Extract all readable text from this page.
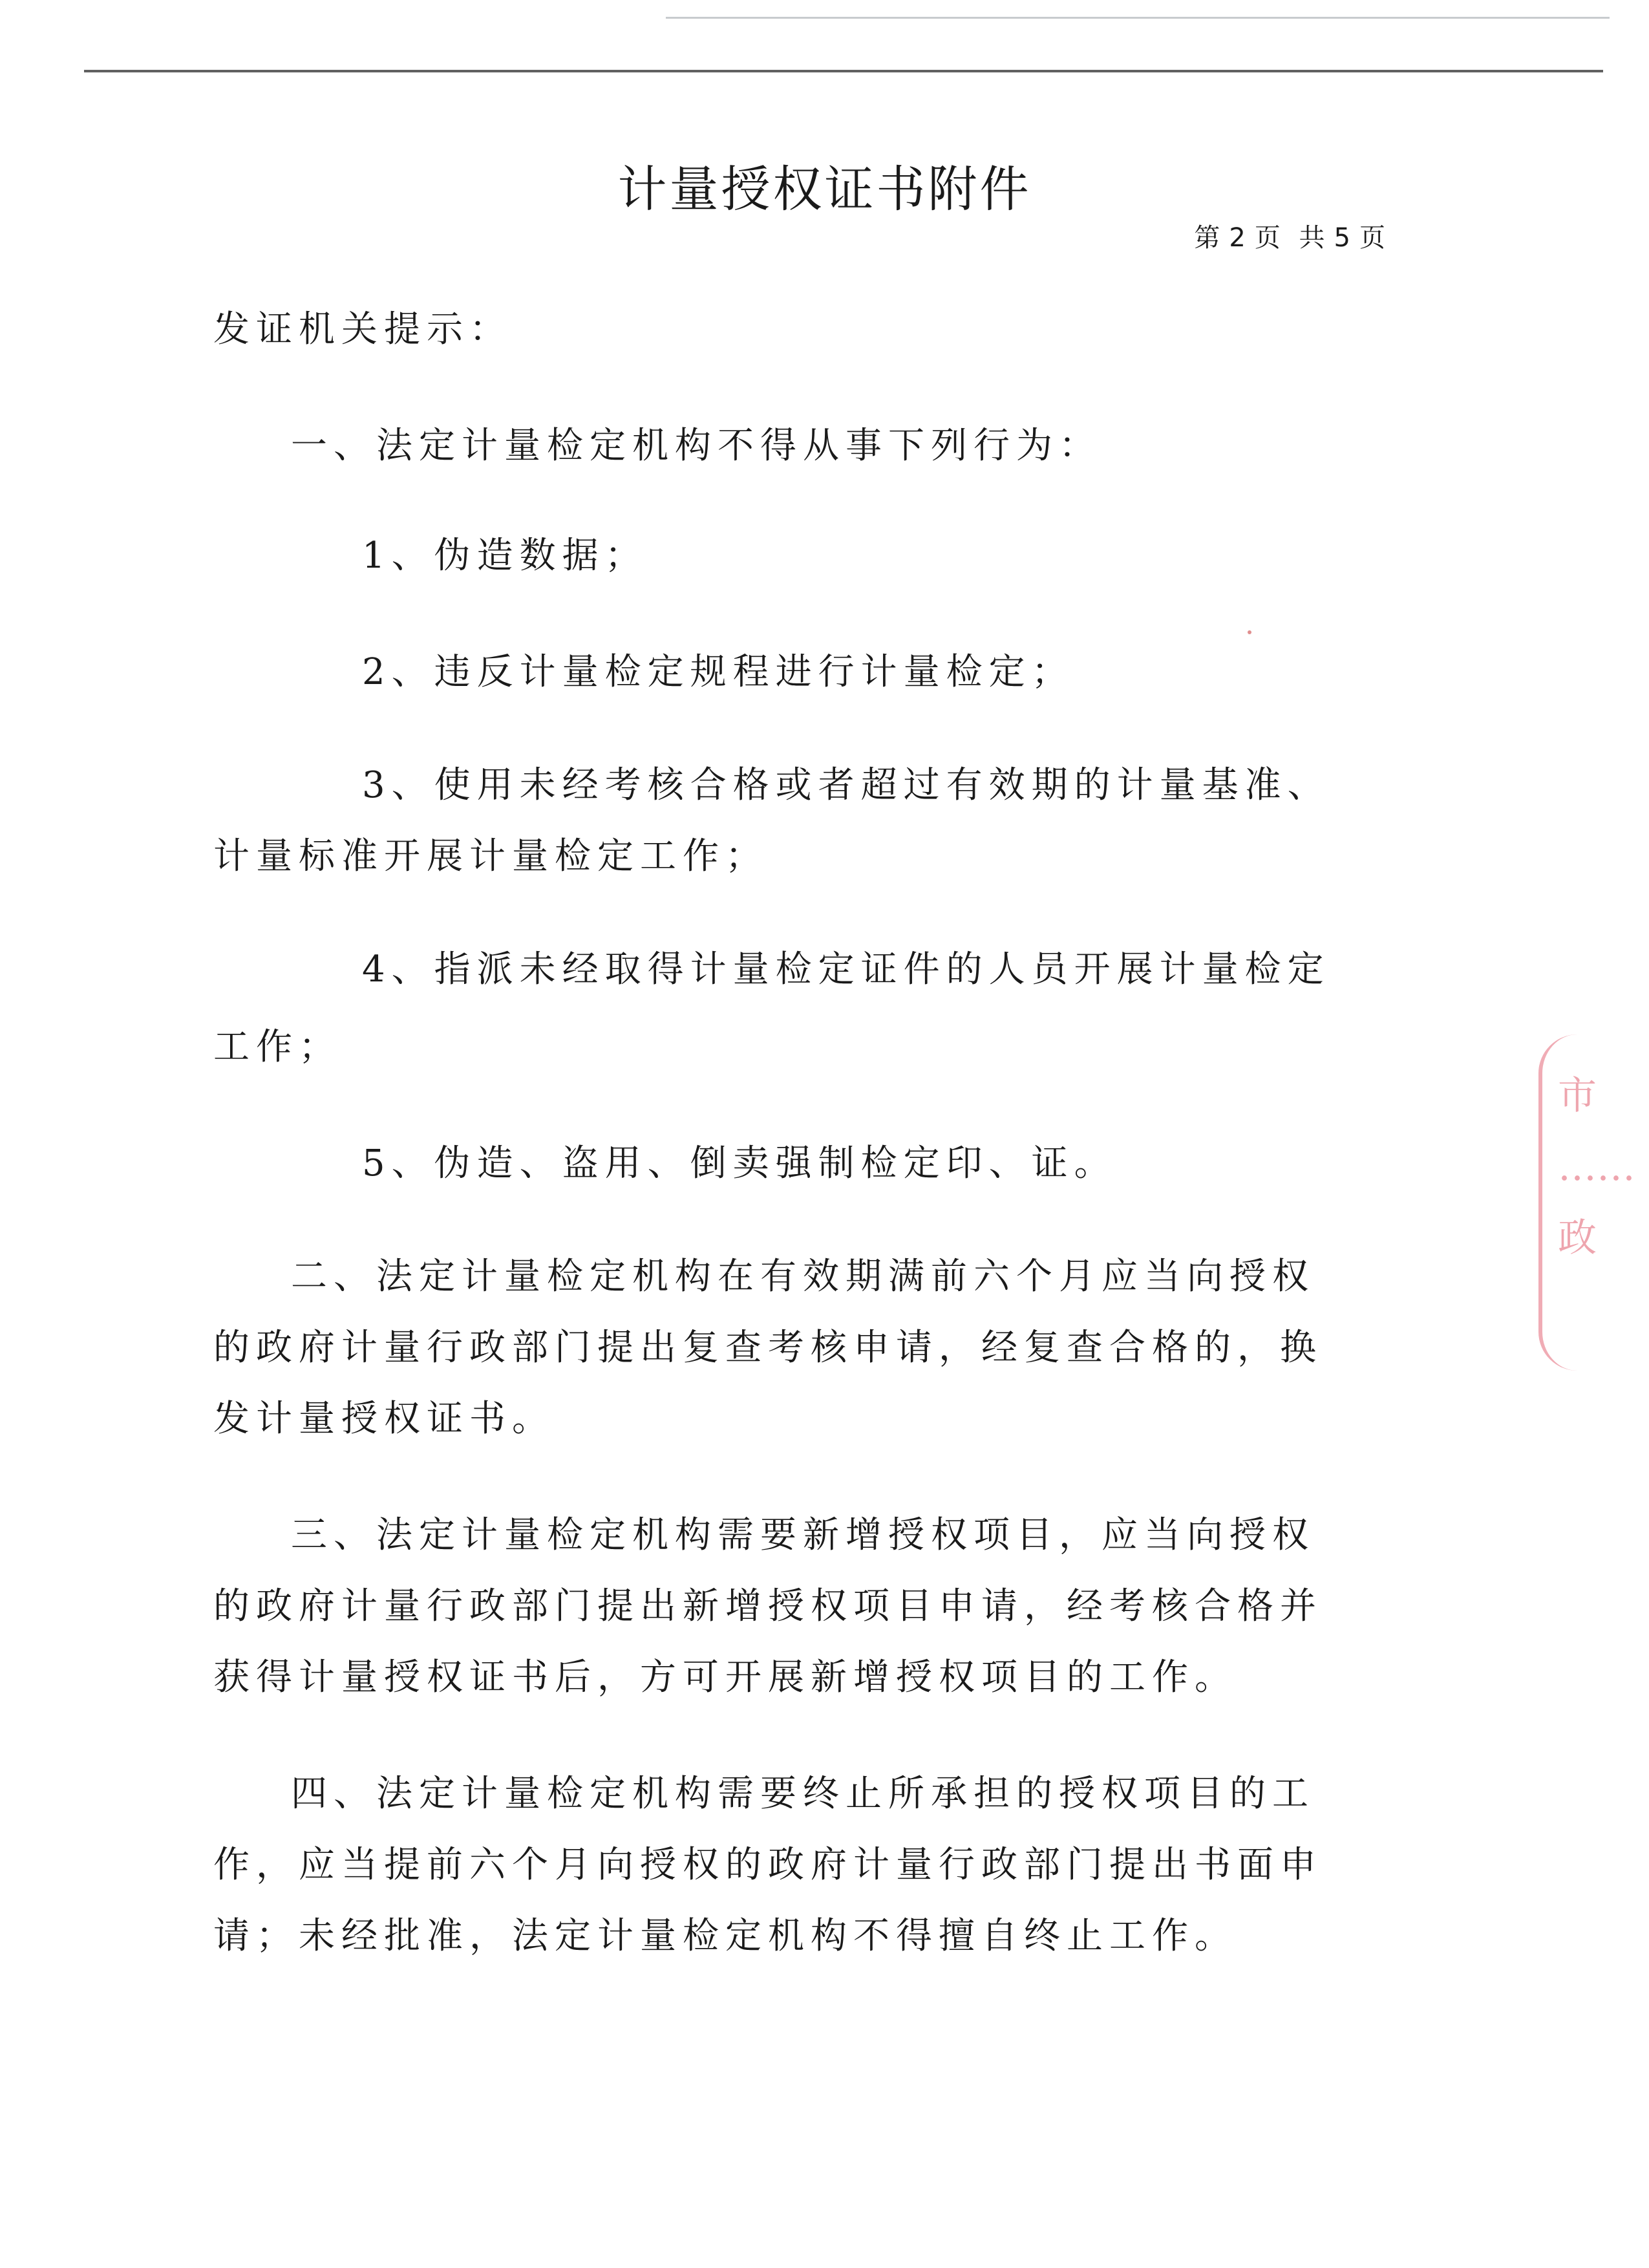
计量授权证书附件
第 2 页 共 5 页

发证机关提示：

一、法定计量检定机构不得从事下列行为：

1、伪造数据；

2、违反计量检定规程进行计量检定；

3、使用未经考核合格或者超过有效期的计量基准、计量标准开展计量检定工作；

4、指派未经取得计量检定证件的人员开展计量检定工作；

5、伪造、盗用、倒卖强制检定印、证。

二、法定计量检定机构在有效期满前六个月应当向授权的政府计量行政部门提出复查考核申请，经复查合格的，换发计量授权证书。

三、法定计量检定机构需要新增授权项目，应当向授权的政府计量行政部门提出新增授权项目申请，经考核合格并获得计量授权证书后，方可开展新增授权项目的工作。

四、法定计量检定机构需要终止所承担的授权项目的工作，应当提前六个月向授权的政府计量行政部门提出书面申请；未经批准，法定计量检定机构不得擅自终止工作。

市 …… 政
